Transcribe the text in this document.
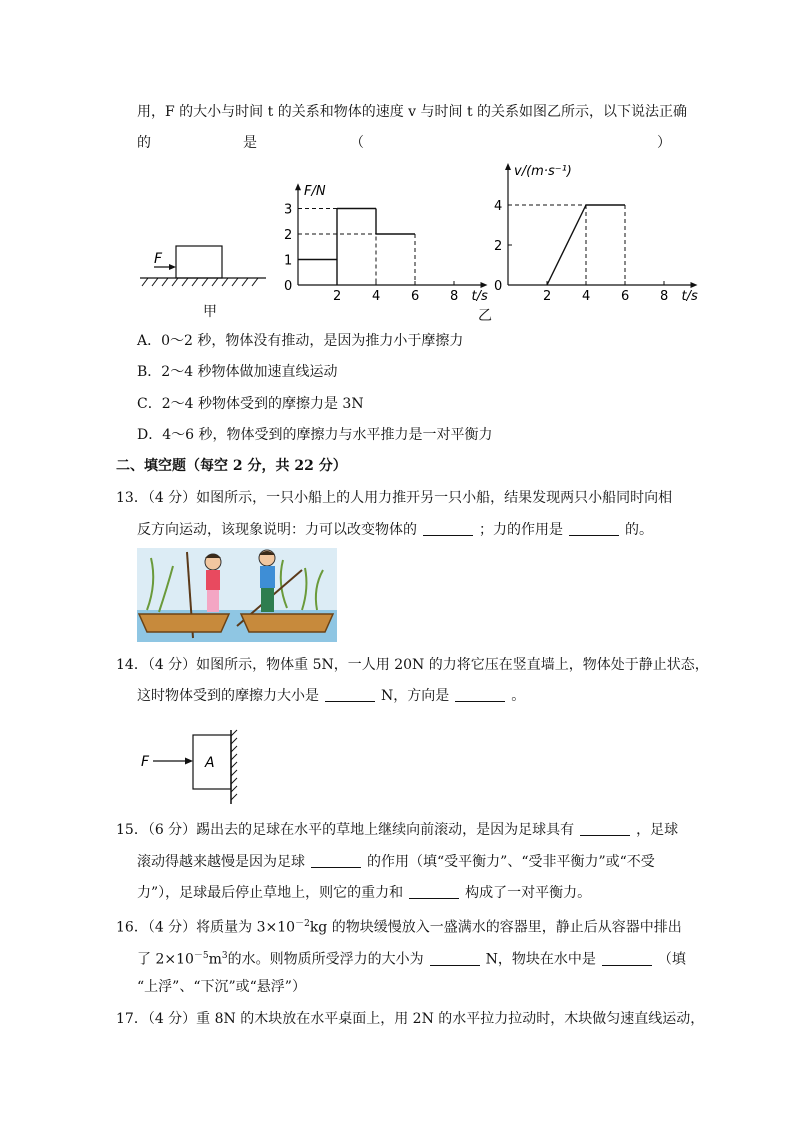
用，F 的大小与时间 t 的关系和物体的速度 v 与时间 t 的关系如图乙所示，以下说法正确
的	是	（	）
F
甲
F/N
t/s
0
2 4 6 8
1
2
3
v/(m·s⁻¹)
t/s
0
2 4 6 8
2
4
乙
A．0～2 秒，物体没有推动，是因为推力小于摩擦力
B．2～4 秒物体做加速直线运动
C．2～4 秒物体受到的摩擦力是 3N
D．4～6 秒，物体受到的摩擦力与水平推力是一对平衡力
二、填空题（每空 2 分，共 22 分）
13．（4 分）如图所示，一只小船上的人用力推开另一只小船，结果发现两只小船同时向相
反方向运动，该现象说明：力可以改变物体的	；力的作用是	的。
14．（4 分）如图所示，物体重 5N，一人用 20N 的力将它压在竖直墙上，物体处于静止状态，
这时物体受到的摩擦力大小是	N，方向是	。
F	A
15．（6 分）踢出去的足球在水平的草地上继续向前滚动，是因为足球具有	，足球
滚动得越来越慢是因为足球	的作用（填“受平衡力”、“受非平衡力”或“不受
力”），足球最后停止草地上，则它的重力和	构成了一对平衡力。
16．（4 分）将质量为 $3\times 10^{-2}kg$ 的物块缓慢放入一盛满水的容器里，静止后从容器中排出
了 $2\times 10^{-5}m^3$的水。则物质所受浮力的大小为	N，物块在水中是	（填
“上浮”、“下沉”或“悬浮”）
17．（4 分）重 8N 的木块放在水平桌面上，用 2N 的水平拉力拉动时，木块做匀速直线运动，
